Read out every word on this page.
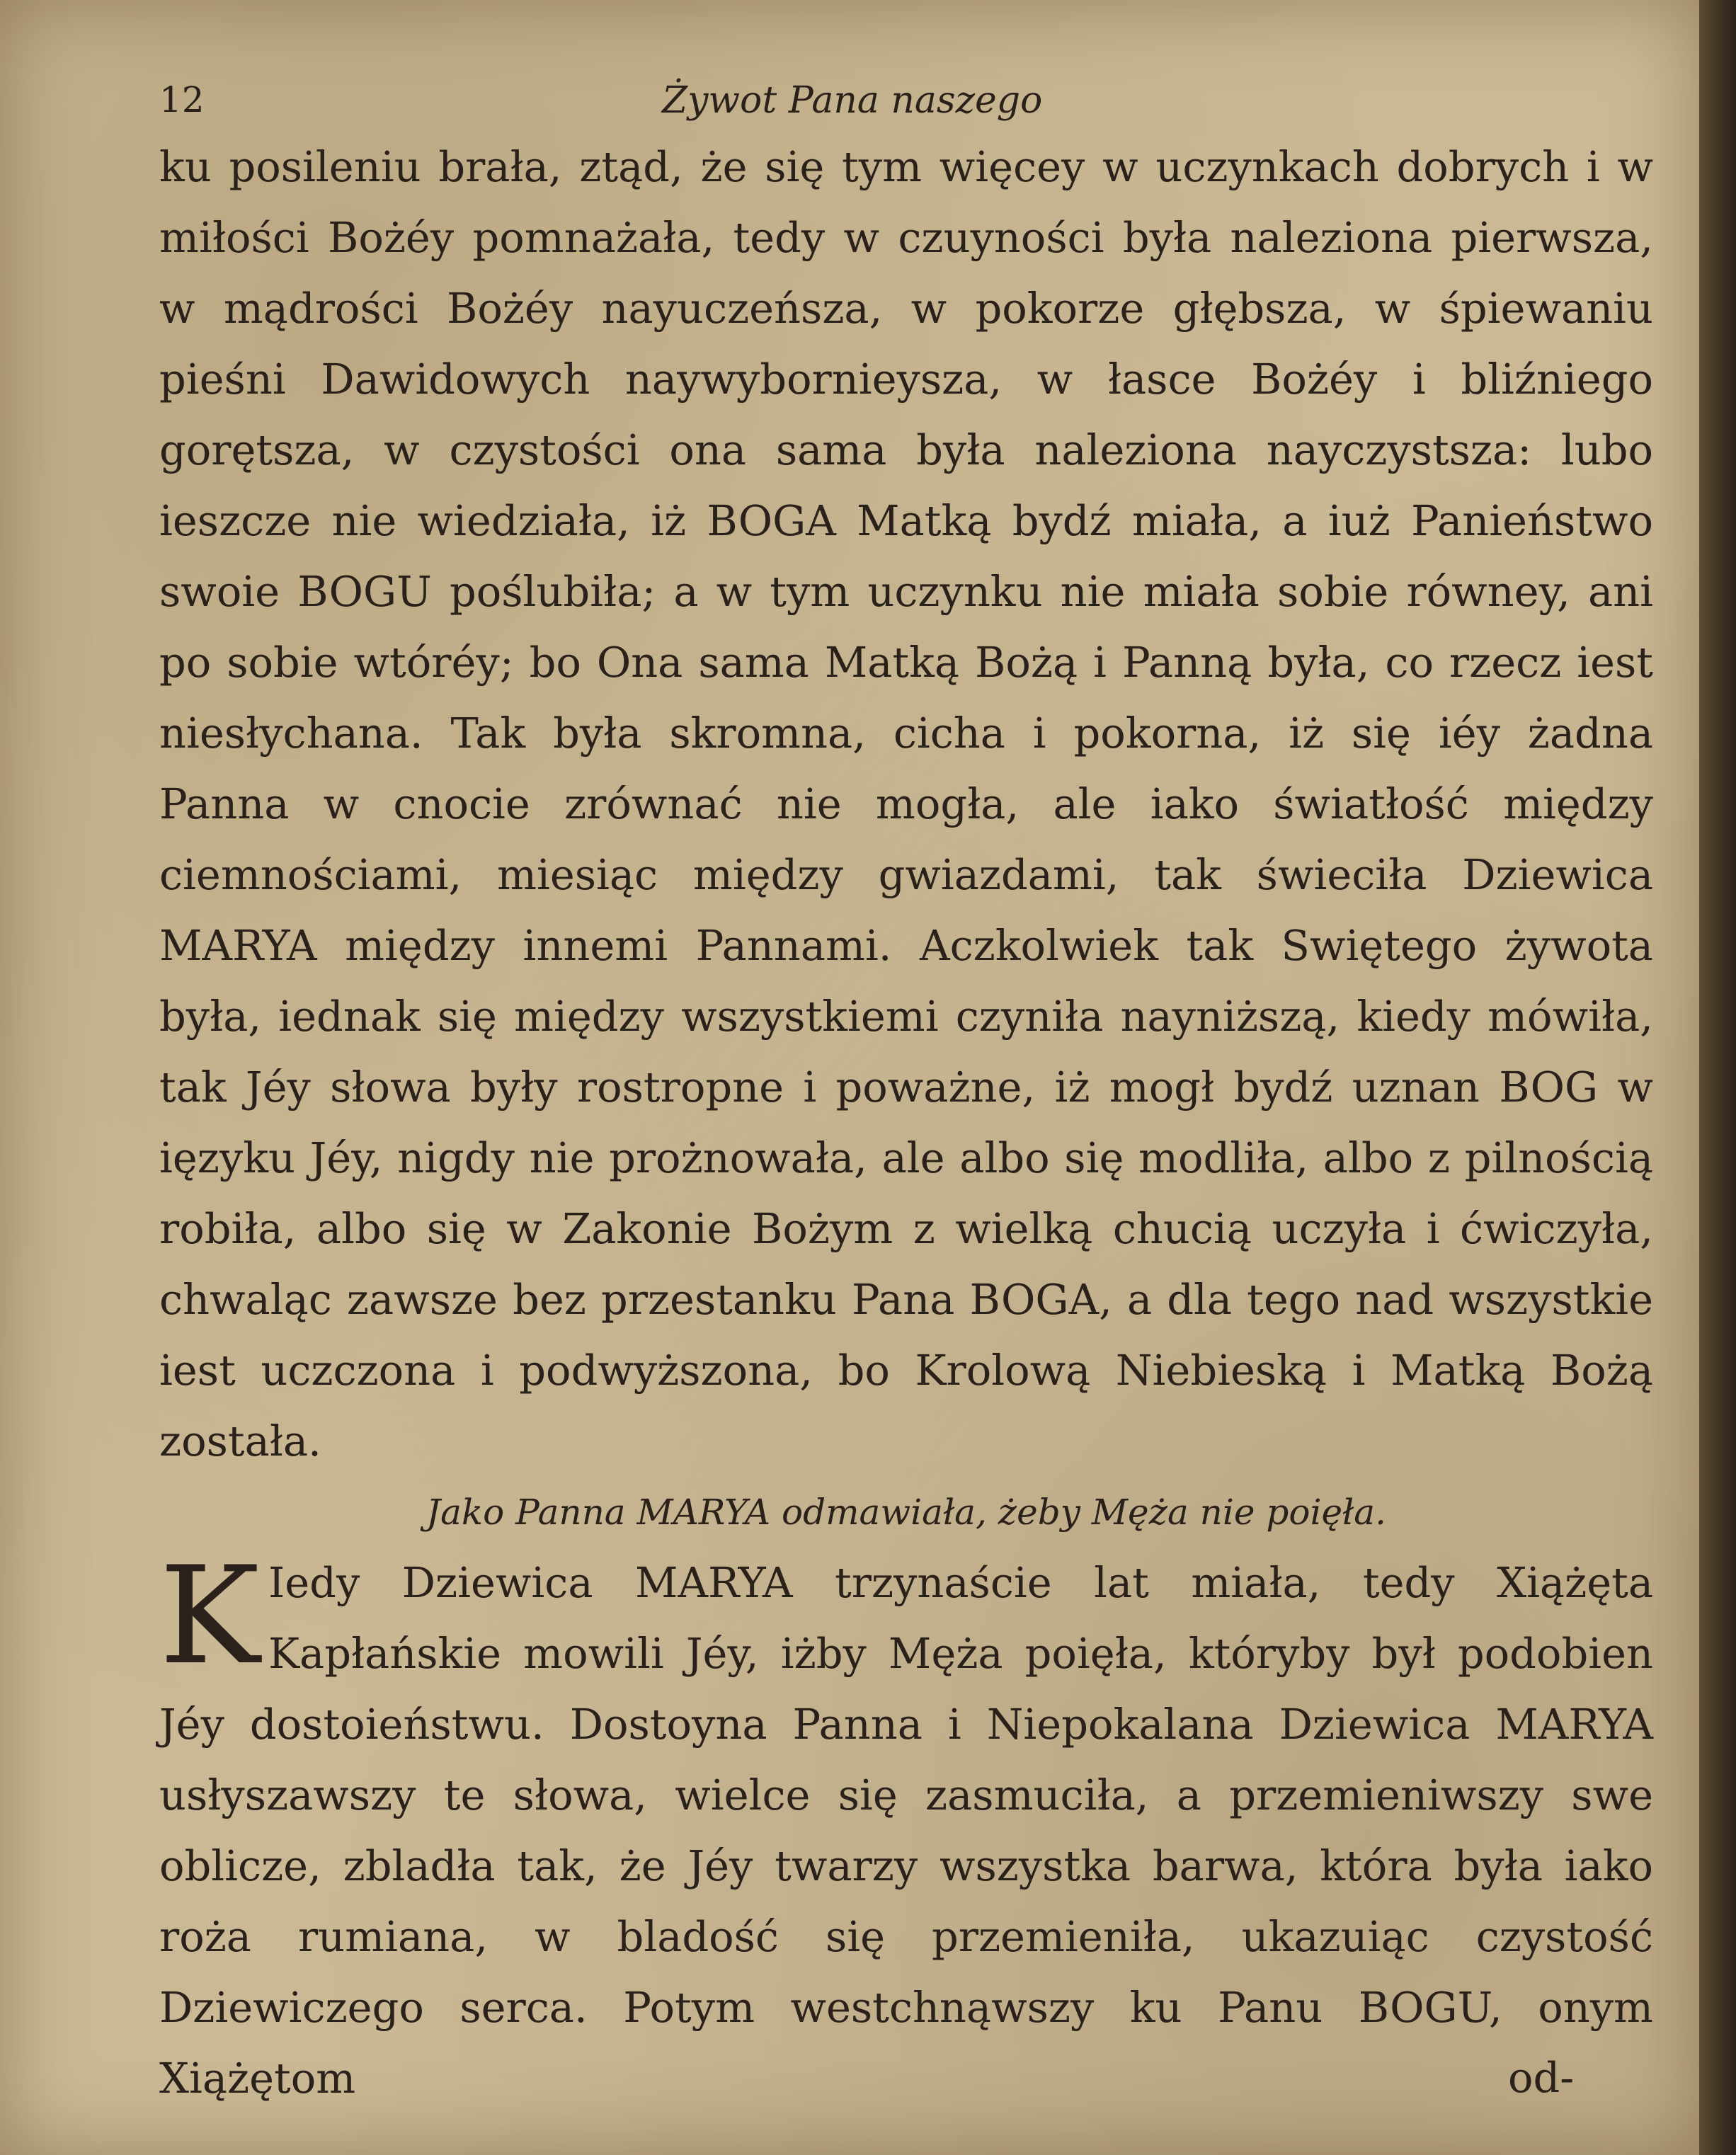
12	Żywot Pana naszego

ku posileniu brała, ztąd, że się tym więcey w uczynkach dobrych i w miłości Bożéy pomnażała, tedy w czuyności była naleziona pierwsza, w mądrości Bożéy nayuczeńsza, w pokorze głębsza, w śpiewaniu pieśni Dawidowych naywybornieysza, w łasce Bożéy i bliźniego gorętsza, w czystości ona sama była naleziona nayczystsza: lubo ieszcze nie wiedziała, iż BOGA Matką bydź miała, a iuż Panieństwo swoie BOGU poślubiła; a w tym uczynku nie miała sobie równey, ani po sobie wtóréy; bo Ona sama Matką Bożą i Panną była, co rzecz iest niesłychana. Tak była skromna, cicha i pokorna, iż się iéy żadna Panna w cnocie zrównać nie mogła, ale iako światłość między ciemnościami, miesiąc między gwiazdami, tak świeciła Dziewica MARYA między innemi Pannami. Aczkolwiek tak Swiętego żywota była, iednak się między wszystkiemi czyniła nayniższą, kiedy mówiła, tak Jéy słowa były rostropne i poważne, iż mogł bydź uznan BOG w ięzyku Jéy, nigdy nie prożnowała, ale albo się modliła, albo z pilnością robiła, albo się w Zakonie Bożym z wielką chucią uczyła i ćwiczyła, chwaląc zawsze bez przestanku Pana BOGA, a dla tego nad wszystkie iest uczczona i podwyższona, bo Krolową Niebieską i Matką Bożą została.

Jako Panna MARYA odmawiała, żeby Męża nie poięła.

K Iedy Dziewica MARYA trzynaście lat miała, tedy Xiążęta Kapłańskie mowili Jéy, iżby Męża poięła, któryby był podobien Jéy dostoieństwu. Dostoyna Panna i Niepokalana Dziewica MARYA usłyszawszy te słowa, wielce się zasmuciła, a przemieniwszy swe oblicze, zbladła tak, że Jéy twarzy wszystka barwa, która była iako roża rumiana, w bladość się przemieniła, ukazuiąc czystość Dziewiczego serca. Potym westchnąwszy ku Panu BOGU, onym Xiążętom	od-
